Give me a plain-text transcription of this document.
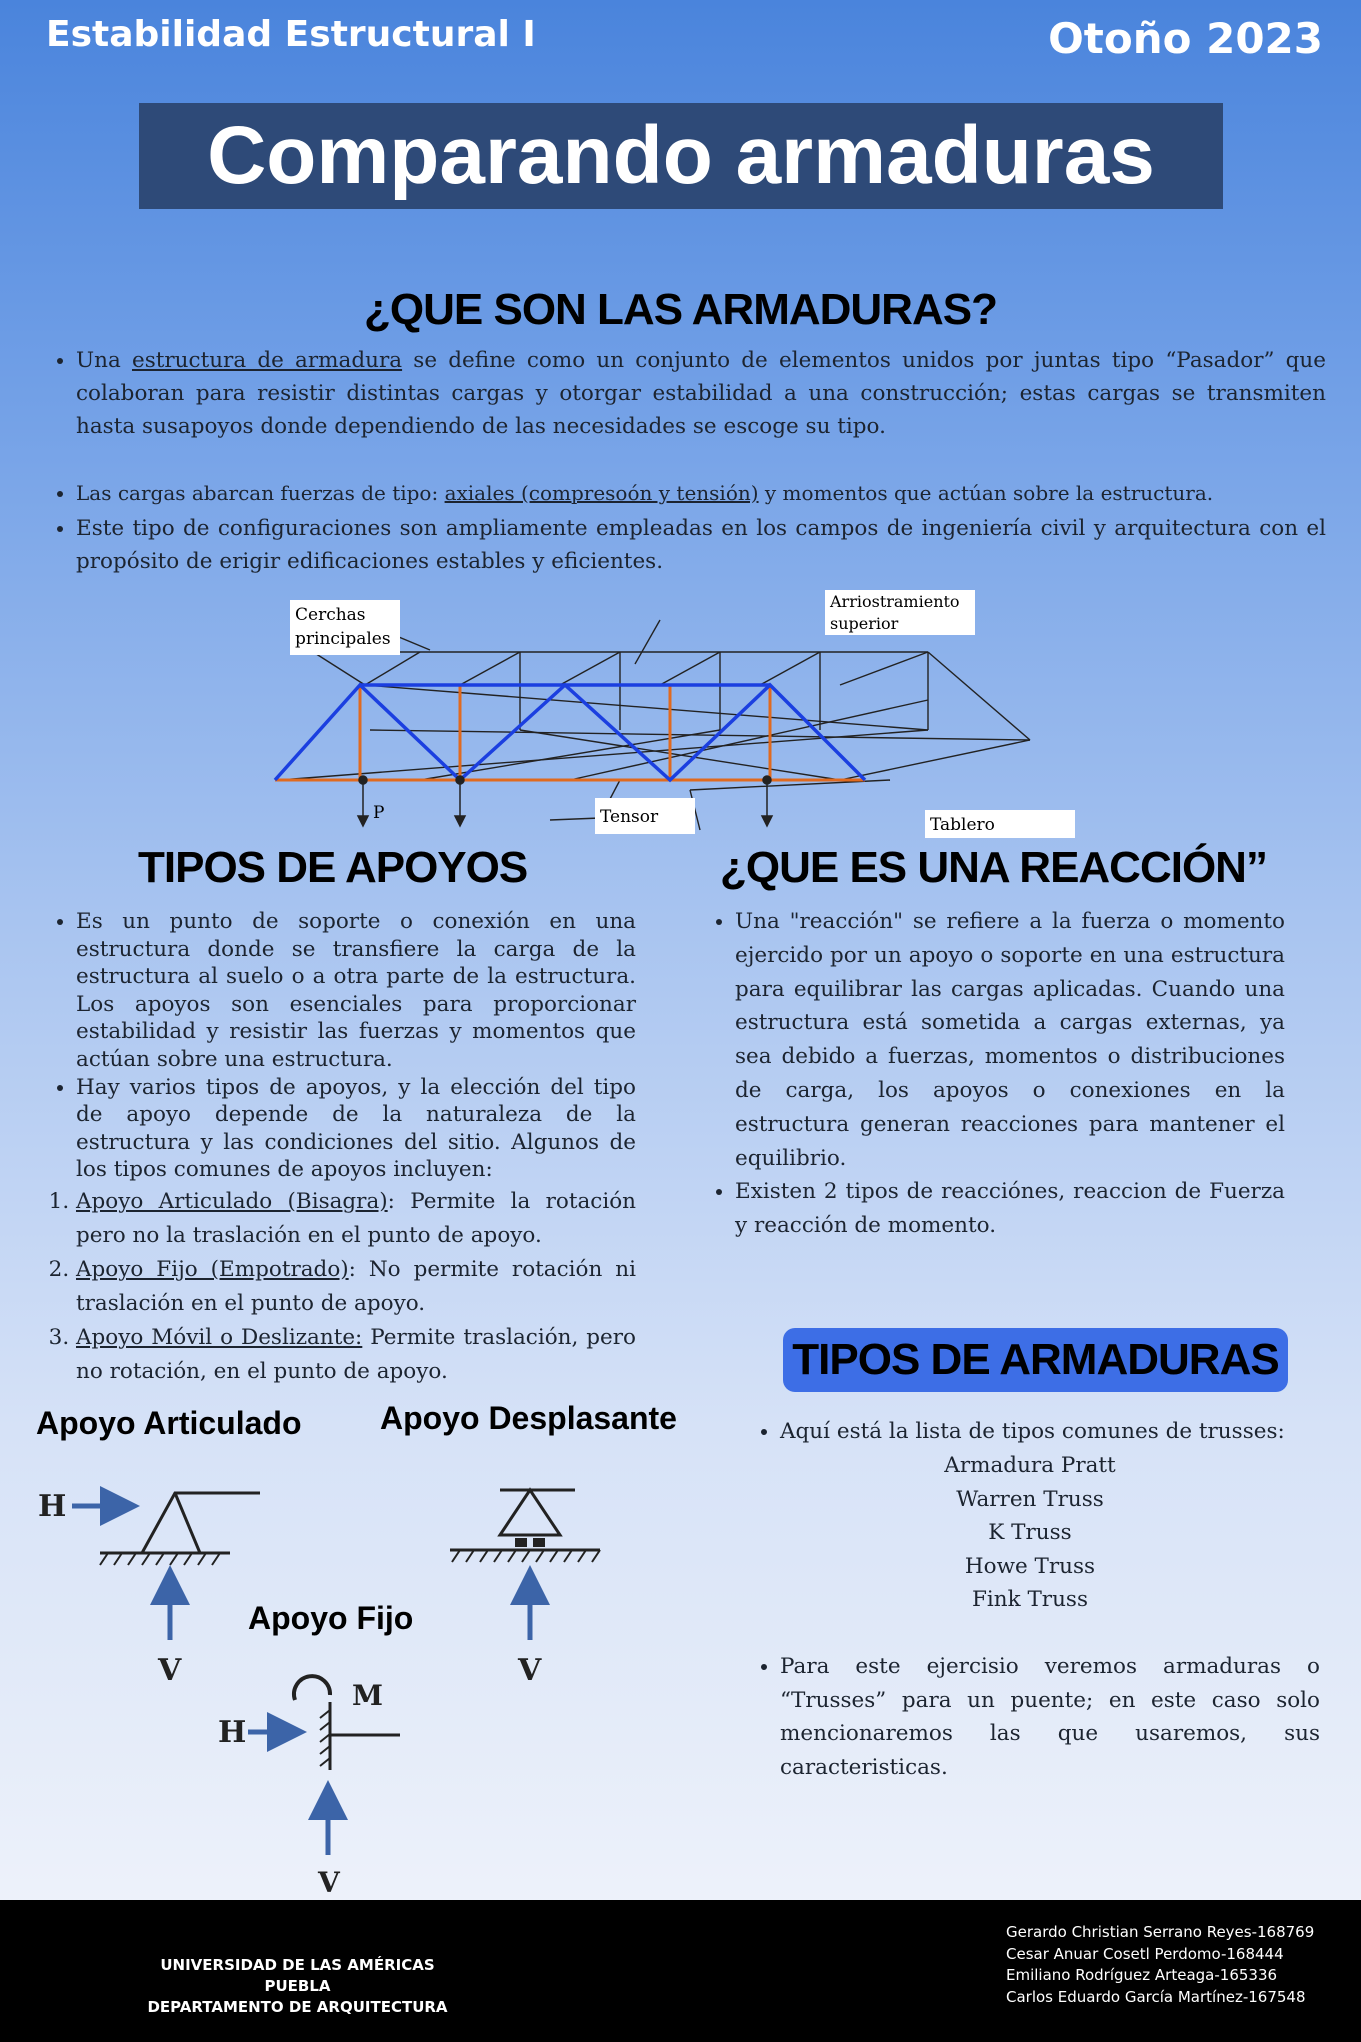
Estabilidad Estructural I	Otoño 2023
Comparando armaduras
¿QUE SON LAS ARMADURAS?
• Una estructura de armadura se define como un conjunto de elementos unidos por juntas tipo “Pasador” que colaboran para resistir distintas cargas y otorgar estabilidad a una construcción; estas cargas se transmiten hasta susapoyos donde dependiendo de las necesidades se escoge su tipo.
• Las cargas abarcan fuerzas de tipo: axiales (compresoón y tensión) y momentos que actúan sobre la estructura.
• Este tipo de configuraciones son ampliamente empleadas en los campos de ingeniería civil y arquitectura con el propósito de erigir edificaciones estables y eficientes.
Cerchas
principales
Arriostramiento
superior
P	Tensor	Tablero
TIPOS DE APOYOS
• Es un punto de soporte o conexión en una estructura donde se transfiere la carga de la estructura al suelo o a otra parte de la estructura. Los apoyos son esenciales para proporcionar estabilidad y resistir las fuerzas y momentos que actúan sobre una estructura.
• Hay varios tipos de apoyos, y la elección del tipo de apoyo depende de la naturaleza de la estructura y las condiciones del sitio. Algunos de los tipos comunes de apoyos incluyen:
1. Apoyo Articulado (Bisagra): Permite la rotación pero no la traslación en el punto de apoyo.
2. Apoyo Fijo (Empotrado): No permite rotación ni traslación en el punto de apoyo.
3. Apoyo Móvil o Deslizante: Permite traslación, pero no rotación, en el punto de apoyo.
Apoyo Articulado Apoyo Desplasante
Apoyo Fijo
H
V	V
M
H
V
¿QUE ES UNA REACCIÓN”
• Una "reacción" se refiere a la fuerza o momento ejercido por un apoyo o soporte en una estructura para equilibrar las cargas aplicadas. Cuando una estructura está sometida a cargas externas, ya sea debido a fuerzas, momentos o distribuciones de carga, los apoyos o conexiones en la estructura generan reacciones para mantener el equilibrio.
• Existen 2 tipos de reacciónes, reaccion de Fuerza y reacción de momento.
TIPOS DE ARMADURAS
• Aquí está la lista de tipos comunes de trusses:
Armadura Pratt
Warren Truss
K Truss
Howe Truss
Fink Truss
• Para este ejercisio veremos armaduras o “Trusses” para un puente; en este caso solo mencionaremos las que usaremos, sus caracteristicas.
UNIVERSIDAD DE LAS AMÉRICAS PUEBLA
DEPARTAMENTO DE ARQUITECTURA
Gerardo Christian Serrano Reyes-168769
Cesar Anuar Cosetl Perdomo-168444
Emiliano Rodríguez Arteaga-165336
Carlos Eduardo García Martínez-167548
